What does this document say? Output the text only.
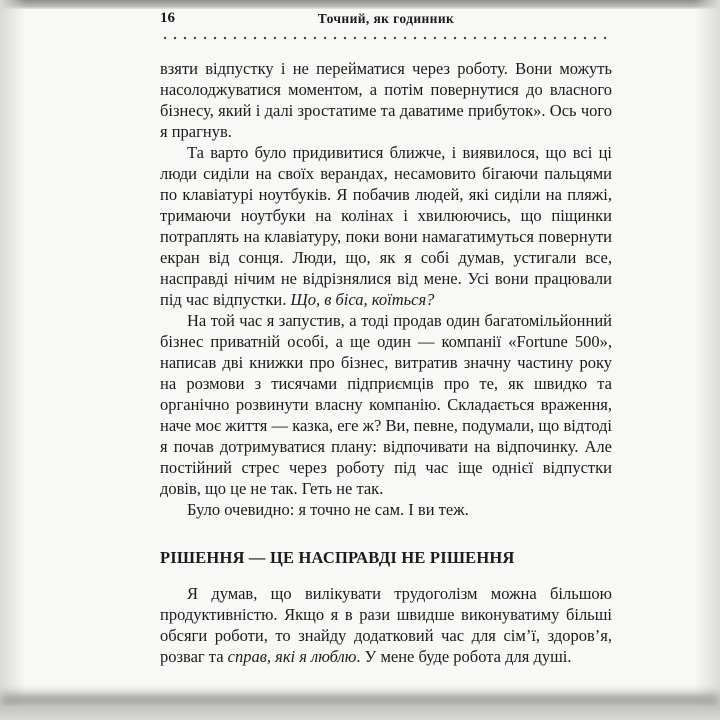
16	Точний, як годинник

взяти відпустку і не перейматися через роботу. Вони можуть насолоджуватися моментом, а потім повернутися до власного бізнесу, який і далі зростатиме та даватиме прибуток». Ось чого я прагнув.

Та варто було придивитися ближче, і виявилося, що всі ці люди сиділи на своїх верандах, несамовито бігаючи пальцями по клавіатурі ноутбуків. Я побачив людей, які сиділи на пляжі, тримаючи ноутбуки на колінах і хвилюючись, що піщинки потраплять на клавіатуру, поки вони намагатимуться повернути екран від сонця. Люди, що, як я собі думав, устигали все, насправді нічим не відрізнялися від мене. Усі вони працювали під час відпустки. Що, в біса, коїться?

На той час я запустив, а тоді продав один багатомільйонний бізнес приватній особі, а ще один — компанії «Fortune 500», написав дві книжки про бізнес, витратив значну частину року на розмови з тисячами підприємців про те, як швидко та органічно розвинути власну компанію. Складається враження, наче моє життя — казка, еге ж? Ви, певне, подумали, що відтоді я почав дотримуватися плану: відпочивати на відпочинку. Але постійний стрес через роботу під час іще однієї відпустки довів, що це не так. Геть не так.

Було очевидно: я точно не сам. І ви теж.

РІШЕННЯ — ЦЕ НАСПРАВДІ НЕ РІШЕННЯ

Я думав, що вилікувати трудоголізм можна більшою продуктивністю. Якщо я в рази швидше виконуватиму більші обсяги роботи, то знайду додатковий час для сім’ї, здоров’я, розваг та справ, які я люблю. У мене буде робота для душі.
